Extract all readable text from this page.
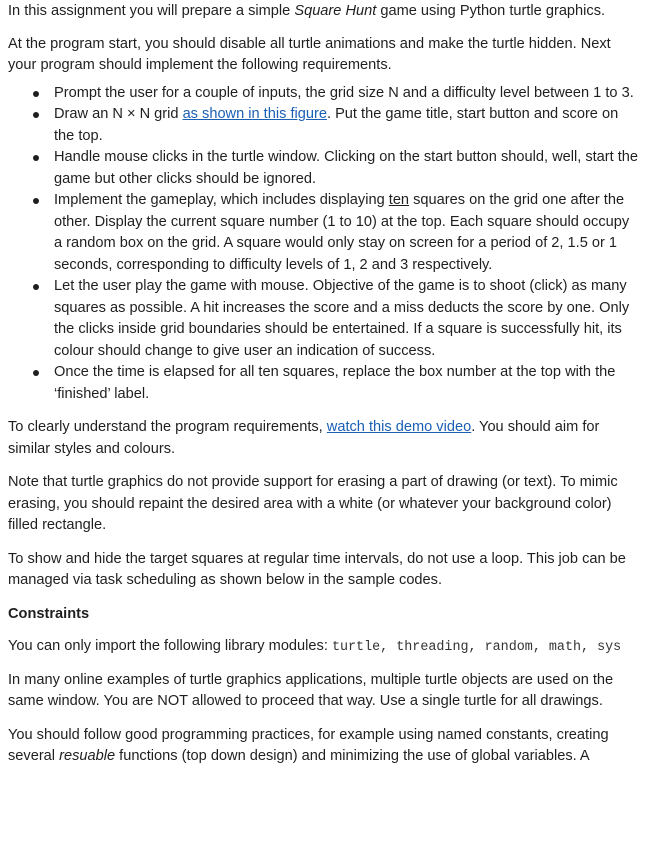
In this assignment you will prepare a simple Square Hunt game using Python turtle graphics.

At the program start, you should disable all turtle animations and make the turtle hidden. Next your program should implement the following requirements.

Prompt the user for a couple of inputs, the grid size N and a difficulty level between 1 to 3.
Draw an N × N grid as shown in this figure. Put the game title, start button and score on the top.
Handle mouse clicks in the turtle window. Clicking on the start button should, well, start the game but other clicks should be ignored.
Implement the gameplay, which includes displaying ten squares on the grid one after the other. Display the current square number (1 to 10) at the top. Each square should occupy a random box on the grid. A square would only stay on screen for a period of 2, 1.5 or 1 seconds, corresponding to difficulty levels of 1, 2 and 3 respectively.
Let the user play the game with mouse. Objective of the game is to shoot (click) as many squares as possible. A hit increases the score and a miss deducts the score by one. Only the clicks inside grid boundaries should be entertained. If a square is successfully hit, its colour should change to give user an indication of success.
Once the time is elapsed for all ten squares, replace the box number at the top with the ‘finished’ label.

To clearly understand the program requirements, watch this demo video. You should aim for similar styles and colours.

Note that turtle graphics do not provide support for erasing a part of drawing (or text). To mimic erasing, you should repaint the desired area with a white (or whatever your background color) filled rectangle.

To show and hide the target squares at regular time intervals, do not use a loop. This job can be managed via task scheduling as shown below in the sample codes.

Constraints

You can only import the following library modules: turtle, threading, random, math, sys

In many online examples of turtle graphics applications, multiple turtle objects are used on the same window. You are NOT allowed to proceed that way. Use a single turtle for all drawings.

You should follow good programming practices, for example using named constants, creating several resuable functions (top down design) and minimizing the use of global variables. A
